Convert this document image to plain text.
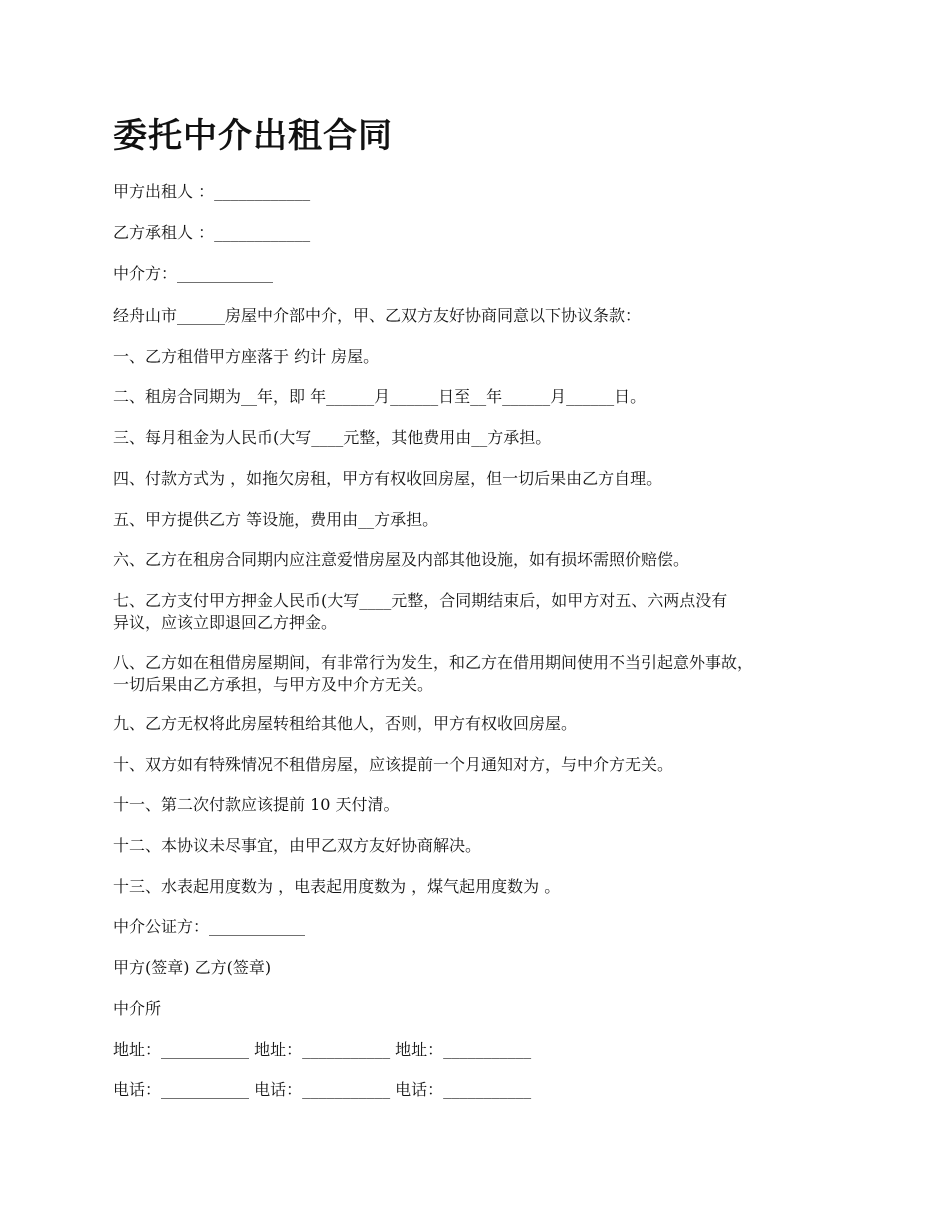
委托中介出租合同

甲方出租人 ：____________

乙方承租人 ：____________

中介方：____________

经舟山市______房屋中介部中介，甲、乙双方友好协商同意以下协议条款：

一、乙方租借甲方座落于 约计 房屋。

二、租房合同期为__年，即 年______月______日至__年______月______日。

三、每月租金为人民币(大写____元整，其他费用由__方承担。

四、付款方式为 ，如拖欠房租，甲方有权收回房屋，但一切后果由乙方自理。

五、甲方提供乙方 等设施，费用由__方承担。

六、乙方在租房合同期内应注意爱惜房屋及内部其他设施，如有损坏需照价赔偿。

七、乙方支付甲方押金人民币(大写____元整，合同期结束后，如甲方对五、六两点没有
异议，应该立即退回乙方押金。
八、乙方如在租借房屋期间，有非常行为发生，和乙方在借用期间使用不当引起意外事故，
一切后果由乙方承担，与甲方及中介方无关。

九、乙方无权将此房屋转租给其他人，否则，甲方有权收回房屋。

十、双方如有特殊情况不租借房屋，应该提前一个月通知对方，与中介方无关。

十一、第二次付款应该提前 10 天付清。

十二、本协议未尽事宜，由甲乙双方友好协商解决。

十三、水表起用度数为 ，电表起用度数为 ，煤气起用度数为 。

中介公证方：____________

甲方(签章) 乙方(签章)

中介所

地址：___________ 地址：___________ 地址：___________

电话：___________ 电话：___________ 电话：___________
